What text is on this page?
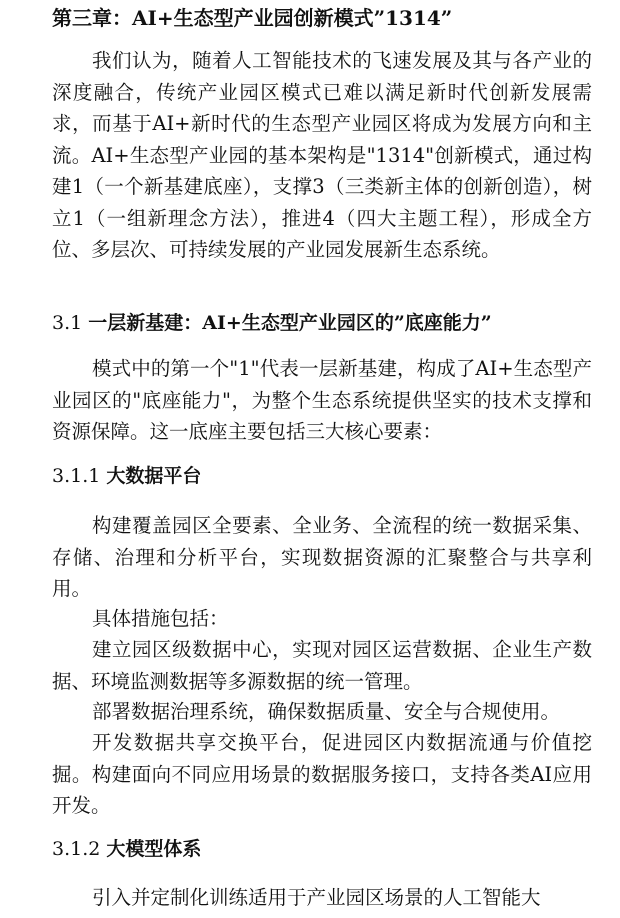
第三章：AI+生态型产业园创新模式”1314”

我们认为，随着人工智能技术的飞速发展及其与各产业的深度融合，传统产业园区模式已难以满足新时代创新发展需求，而基于AI+新时代的生态型产业园区将成为发展方向和主流。AI+生态型产业园的基本架构是"1314"创新模式，通过构建1（一个新基建底座），支撑3（三类新主体的创新创造），树立1（一组新理念方法），推进4（四大主题工程），形成全方位、多层次、可持续发展的产业园发展新生态系统。

3.1 一层新基建：AI+生态型产业园区的”底座能力”

模式中的第一个"1"代表一层新基建，构成了AI+生态型产业园区的"底座能力"，为整个生态系统提供坚实的技术支撑和资源保障。这一底座主要包括三大核心要素：

3.1.1 大数据平台

构建覆盖园区全要素、全业务、全流程的统一数据采集、存储、治理和分析平台，实现数据资源的汇聚整合与共享利用。

具体措施包括：

建立园区级数据中心，实现对园区运营数据、企业生产数据、环境监测数据等多源数据的统一管理。

部署数据治理系统，确保数据质量、安全与合规使用。

开发数据共享交换平台，促进园区内数据流通与价值挖掘。构建面向不同应用场景的数据服务接口，支持各类AI应用开发。

3.1.2 大模型体系

引入并定制化训练适用于产业园区场景的人工智能大
